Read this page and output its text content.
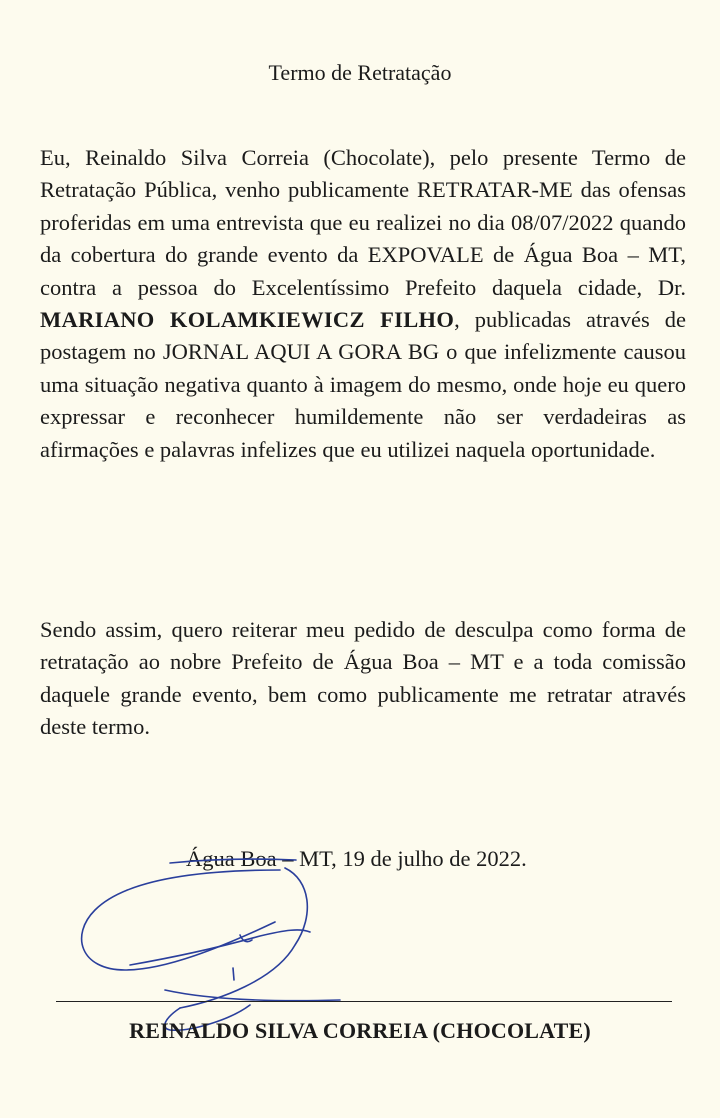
Termo de Retratação

Eu, Reinaldo Silva Correia (Chocolate), pelo presente Termo de Retratação Pública, venho publicamente RETRATAR-ME das ofensas proferidas em uma entrevista que eu realizei no dia 08/07/2022 quando da cobertura do grande evento da EXPOVALE de Água Boa – MT, contra a pessoa do Excelentíssimo Prefeito daquela cidade, Dr. MARIANO KOLAMKIEWICZ FILHO, publicadas através de postagem no JORNAL AQUI A GORA BG o que infelizmente causou uma situação negativa quanto à imagem do mesmo, onde hoje eu quero expressar e reconhecer humildemente não ser verdadeiras as afirmações e palavras infelizes que eu utilizei naquela oportunidade.

Sendo assim, quero reiterar meu pedido de desculpa como forma de retratação ao nobre Prefeito de Água Boa – MT e a toda comissão daquele grande evento, bem como publicamente me retratar através deste termo.

Água Boa – MT, 19 de julho de 2022.
REINALDO SILVA CORREIA (CHOCOLATE)
